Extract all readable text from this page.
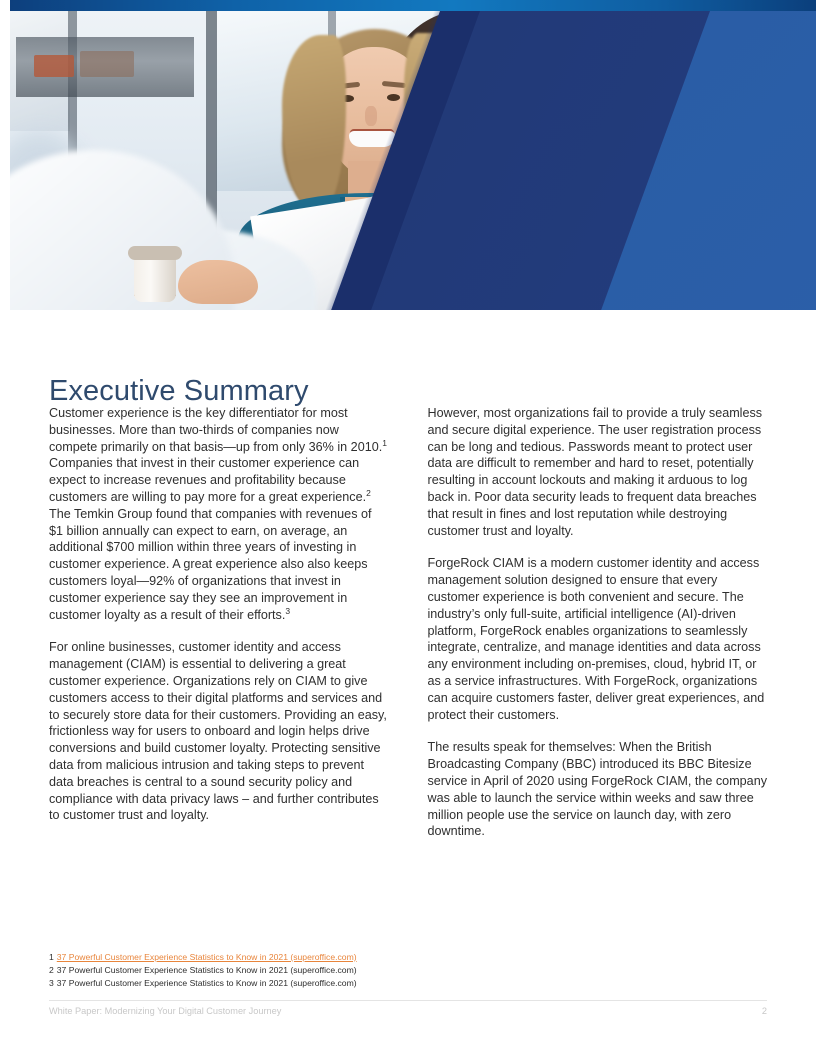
Executive Summary

Customer experience is the key differentiator for most businesses. More than two-thirds of companies now compete primarily on that basis—up from only 36% in 2010.$^1$ Companies that invest in their customer experience can expect to increase revenues and profitability because customers are willing to pay more for a great experience.$^2$ The Temkin Group found that companies with revenues of $1 billion annually can expect to earn, on average, an additional $700 million within three years of investing in customer experience. A great experience also also keeps customers loyal—92% of organizations that invest in customer experience say they see an improvement in customer loyalty as a result of their efforts.$^3$

For online businesses, customer identity and access management (CIAM) is essential to delivering a great customer experience. Organizations rely on CIAM to give customers access to their digital platforms and services and to securely store data for their customers. Providing an easy, frictionless way for users to onboard and login helps drive conversions and build customer loyalty. Protecting sensitive data from malicious intrusion and taking steps to prevent data breaches is central to a sound security policy and compliance with data privacy laws – and further contributes to customer trust and loyalty.

However, most organizations fail to provide a truly seamless and secure digital experience. The user registration process can be long and tedious. Passwords meant to protect user data are difficult to remember and hard to reset, potentially resulting in account lockouts and making it arduous to log back in. Poor data security leads to frequent data breaches that result in fines and lost reputation while destroying customer trust and loyalty.

ForgeRock CIAM is a modern customer identity and access management solution designed to ensure that every customer experience is both convenient and secure. The industry’s only full-suite, artificial intelligence (AI)-driven platform, ForgeRock enables organizations to seamlessly integrate, centralize, and manage identities and data across any environment including on-premises, cloud, hybrid IT, or as a service infrastructures. With ForgeRock, organizations can acquire customers faster, deliver great experiences, and protect their customers.

The results speak for themselves: When the British Broadcasting Company (BBC) introduced its BBC Bitesize service in April of 2020 using ForgeRock CIAM, the company was able to launch the service within weeks and saw three million people use the service on launch day, with zero downtime.

1 37 Powerful Customer Experience Statistics to Know in 2021 (superoffice.com)
2 37 Powerful Customer Experience Statistics to Know in 2021 (superoffice.com)
3 37 Powerful Customer Experience Statistics to Know in 2021 (superoffice.com)
White Paper: Modernizing Your Digital Customer Journey	2
